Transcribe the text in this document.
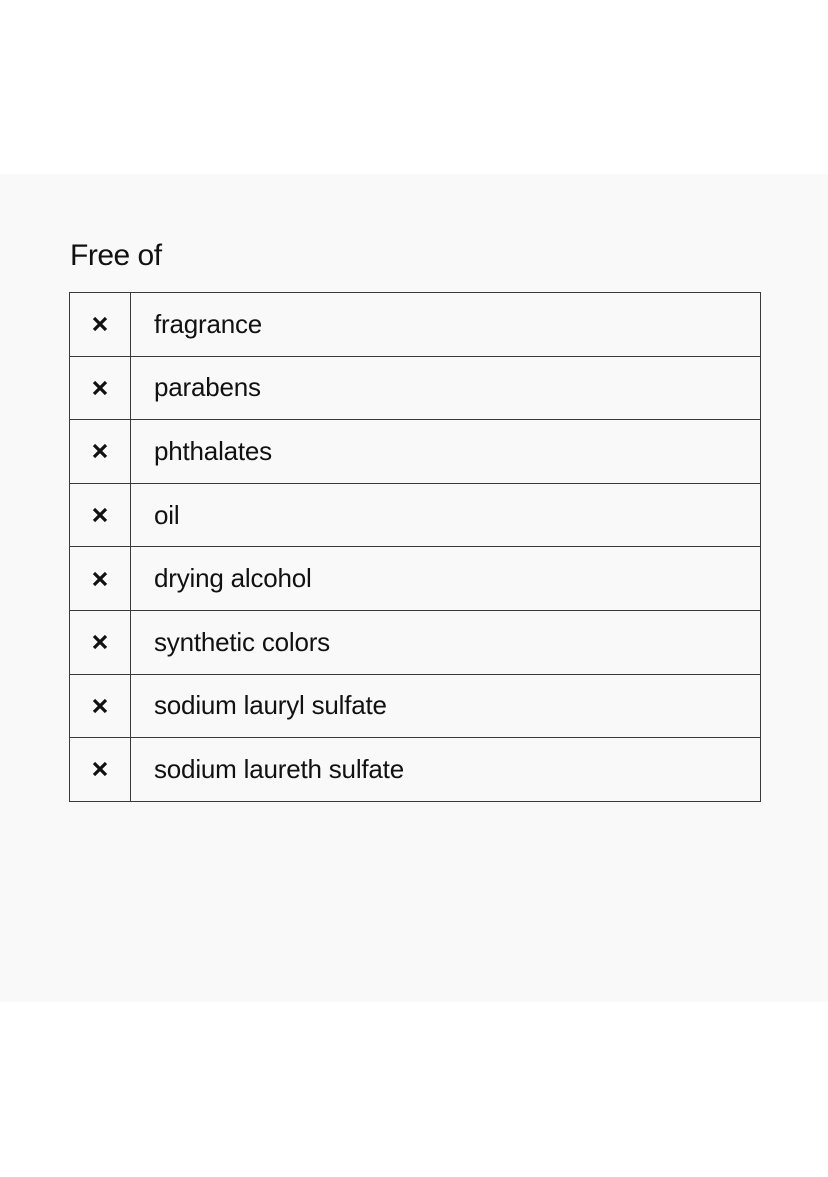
Free of
	fragrance
	parabens
	phthalates
	oil
	drying alcohol
	synthetic colors
	sodium lauryl sulfate
	sodium laureth sulfate
